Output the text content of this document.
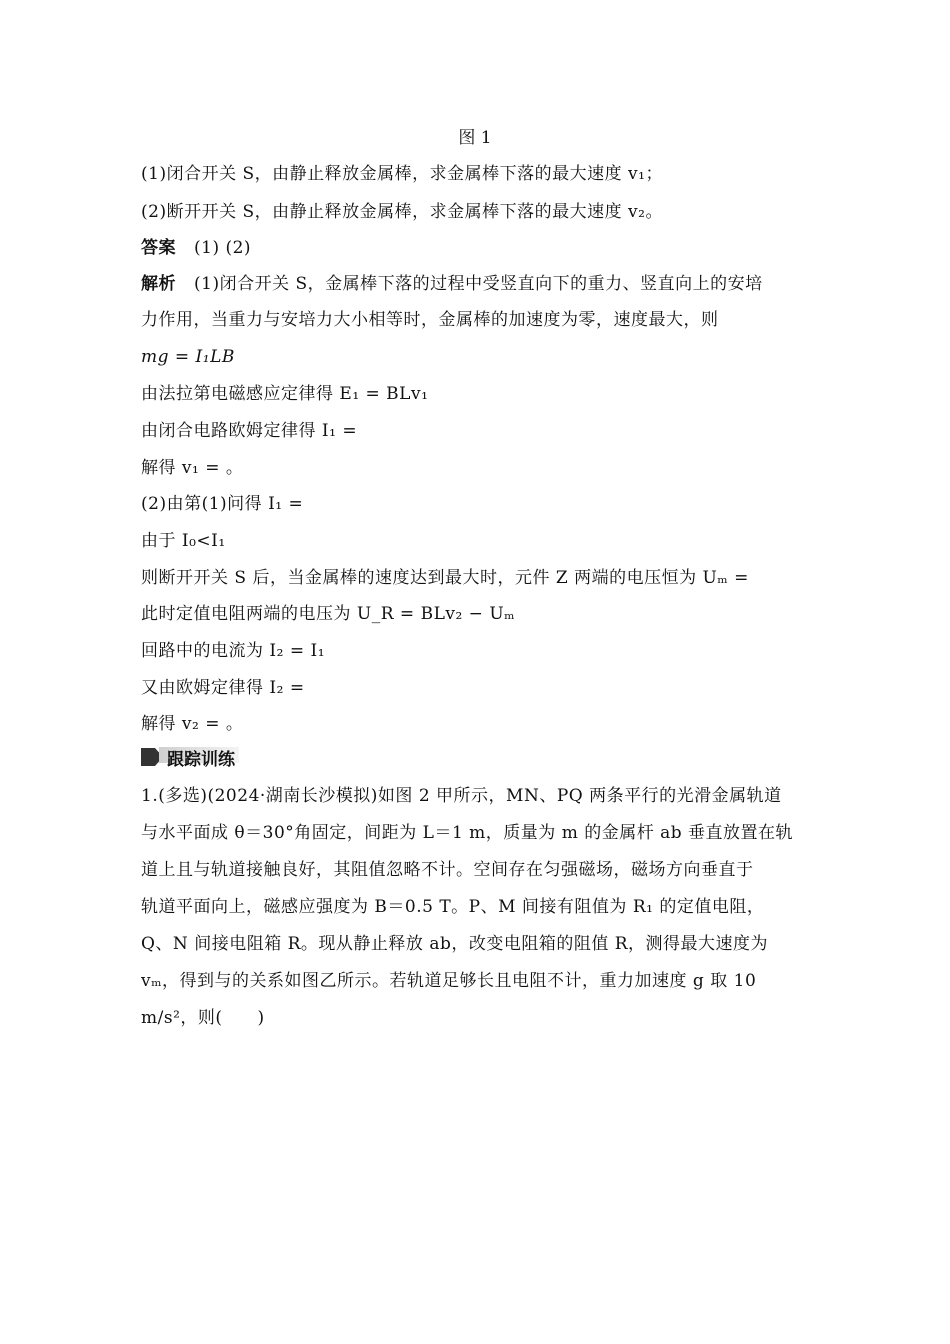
图 1
(1)闭合开关 S，由静止释放金属棒，求金属棒下落的最大速度 v₁；
(2)断开开关 S，由静止释放金属棒，求金属棒下落的最大速度 v₂。
答案 (1) (2)
解析 (1)闭合开关 S，金属棒下落的过程中受竖直向下的重力、竖直向上的安培
力作用，当重力与安培力大小相等时，金属棒的加速度为零，速度最大，则
mg = I₁LB
由法拉第电磁感应定律得 E₁ = BLv₁
由闭合电路欧姆定律得 I₁ =
解得 v₁ = 。
(2)由第(1)问得 I₁ =
由于 I₀<I₁
则断开开关 S 后，当金属棒的速度达到最大时，元件 Z 两端的电压恒为 Uₘ =
此时定值电阻两端的电压为 U_R = BLv₂ − Uₘ
回路中的电流为 I₂ = I₁
又由欧姆定律得 I₂ =
解得 v₂ = 。
跟踪训练
1.(多选)(2024·湖南长沙模拟)如图 2 甲所示，MN、PQ 两条平行的光滑金属轨道
与水平面成 θ＝30°角固定，间距为 L＝1 m，质量为 m 的金属杆 ab 垂直放置在轨
道上且与轨道接触良好，其阻值忽略不计。空间存在匀强磁场，磁场方向垂直于
轨道平面向上，磁感应强度为 B＝0.5 T。P、M 间接有阻值为 R₁ 的定值电阻，
Q、N 间接电阻箱 R。现从静止释放 ab，改变电阻箱的阻值 R，测得最大速度为
vₘ，得到与的关系如图乙所示。若轨道足够长且电阻不计，重力加速度 g 取 10
m/s²，则(　　)
